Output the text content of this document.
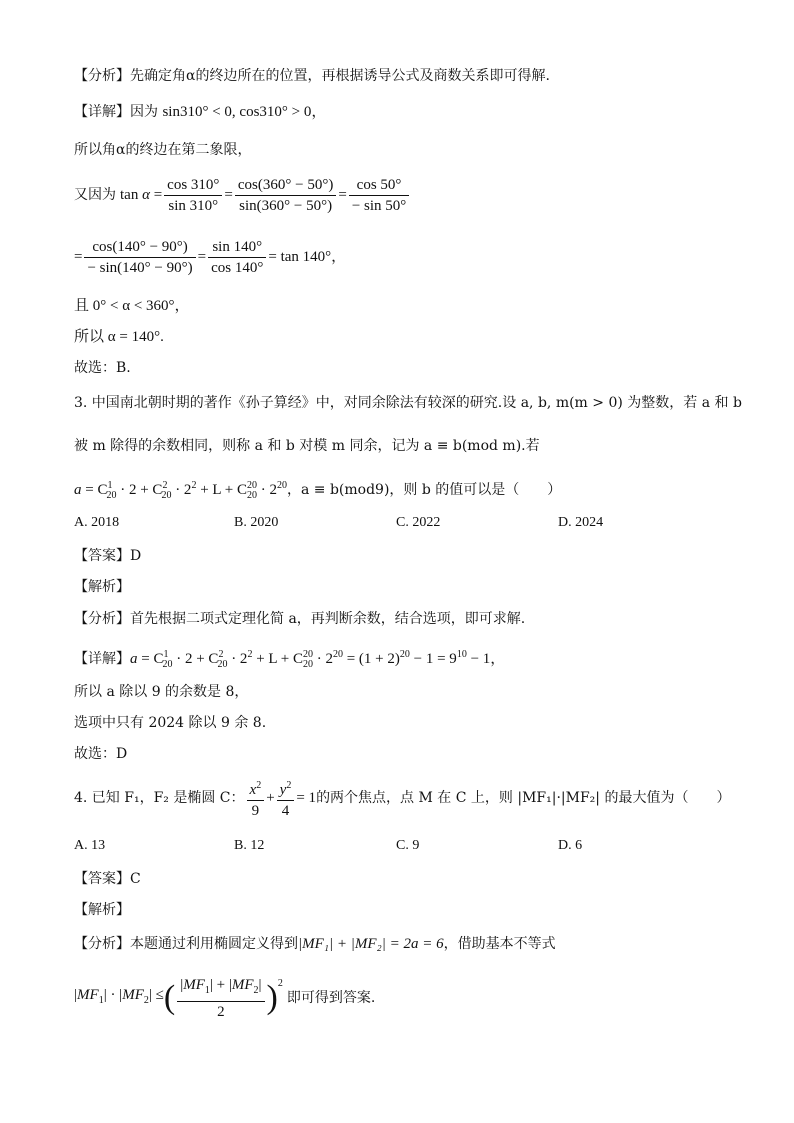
【分析】先确定角α的终边所在的位置，再根据诱导公式及商数关系即可得解.
【详解】因为 sin310° < 0, cos310° > 0，
所以角α的终边在第二象限，
又因为 $\tan \alpha = \frac{\cos 310^\circ}{\sin 310^\circ} = \frac{\cos(360^\circ - 50^\circ)}{\sin(360^\circ - 50^\circ)} = \frac{\cos 50^\circ}{- \sin 50^\circ}$
= $\frac{\cos(140^\circ - 90^\circ)}{- \sin(140^\circ - 90^\circ)} = \frac{\sin 140^\circ}{\cos 140^\circ} = \tan 140^\circ$，
且 0° < α < 360°，
所以 α = 140°.
故选：B.
3. 中国南北朝时期的著作《孙子算经》中，对同余除法有较深的研究.设 a, b, m(m > 0) 为整数，若 a 和 b
被 m 除得的余数相同，则称 a 和 b 对模 m 同余，记为 a ≡ b(mod m).若
$a = C^1_{20} \cdot 2 + C^2_{20} \cdot 2^2 + L + C^{20}_{20} \cdot 2^{20}$，a ≡ b(mod9)，则 b 的值可以是（　　）
A. 2018	B. 2020	C. 2022	D. 2024
【答案】D
【解析】
【分析】首先根据二项式定理化简 a，再判断余数，结合选项，即可求解.
【详解】$a = C^1_{20} \cdot 2 + C^2_{20} \cdot 2^2 + L + C^{20}_{20} \cdot 2^{20} = (1 + 2)^{20} - 1 = 9^{10} - 1$，
所以 a 除以 9 的余数是 8，
选项中只有 2024 除以 9 余 8.
故选：D
4. 已知 F₁，F₂ 是椭圆 C： $\frac{x^2}{9} + \frac{y^2}{4} = 1$ 的两个焦点，点 M 在 C 上，则 |MF₁|·|MF₂| 的最大值为（　　）
A. 13	B. 12	C. 9	D. 6
【答案】C
【解析】
【分析】本题通过利用椭圆定义得到|MF₁| + |MF₂| = 2a = 6，借助基本不等式
$|MF_1| \cdot |MF_2|$ ≤ ( $\frac{|MF_1| + |MF_2|}{2}$ ) 2
即可得到答案.
